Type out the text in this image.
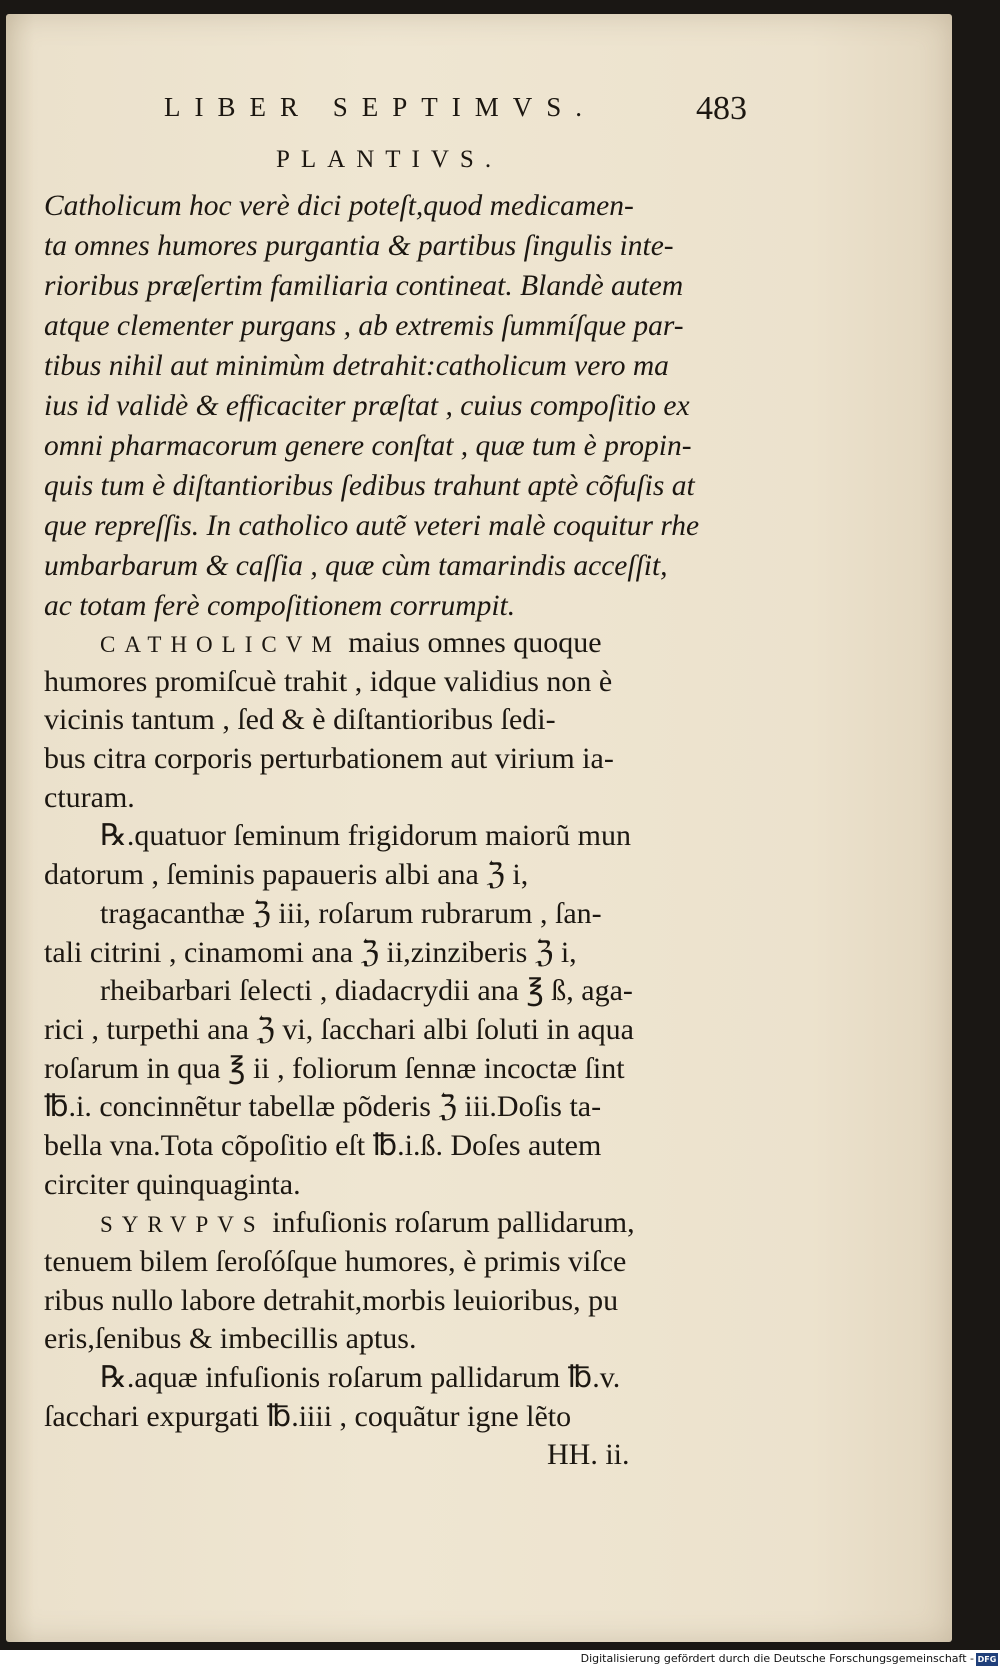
LIBER SEPTIMVS.	483
PLANTIVS.
Catholicum hoc verè dici poteſt,quod medicamen-
ta omnes humores purgantia & partibus ſingulis inte-
rioribus præſertim familiaria contineat. Blandè autem
atque clementer purgans , ab extremis ſummíſque par-
tibus nihil aut minimùm detrahit:catholicum vero ma
ius id validè & efficaciter præſtat , cuius compoſitio ex
omni pharmacorum genere conſtat , quæ tum è propin-
quis tum è diſtantioribus ſedibus trahunt aptè cõfuſis at
que repreſſis. In catholico autẽ veteri malè coquitur rhe
umbarbarum & caſſia , quæ cùm tamarindis acceſſit,
ac totam ferè compoſitionem corrumpit.
CATHOLICVM maius omnes quoque
humores promiſcuè trahit , idque validius non è
vicinis tantum , ſed & è diſtantioribus ſedi-
bus citra corporis perturbationem aut virium ia-
cturam.
℞.quatuor ſeminum frigidorum maiorũ mun
datorum , ſeminis papaueris albi ana ℨ i,
tragacanthæ ℨ iii, roſarum rubrarum , ſan-
tali citrini , cinamomi ana ℨ ii,zinziberis ℨ i,
rheibarbari ſelecti , diadacrydii ana ℥ ß, aga-
rici , turpethi ana ℨ vi, ſacchari albi ſoluti in aqua
roſarum in qua ℥ ii , foliorum ſennæ incoctæ ſint
℔.i. concinnẽtur tabellæ põderis ℨ iii.Doſis ta-
bella vna.Tota cõpoſitio eſt ℔.i.ß. Doſes autem
circiter quinquaginta.
SYRVPVS infuſionis roſarum pallidarum,
tenuem bilem ſeroſóſque humores, è primis viſce
ribus nullo labore detrahit,morbis leuioribus, pu
eris,ſenibus & imbecillis aptus.
℞.aquæ infuſionis roſarum pallidarum ℔.v.
ſacchari expurgati ℔.iiii , coquãtur igne lẽto
HH. ii.
Digitalisierung gefördert durch die Deutsche Forschungsgemeinschaft - DFG
